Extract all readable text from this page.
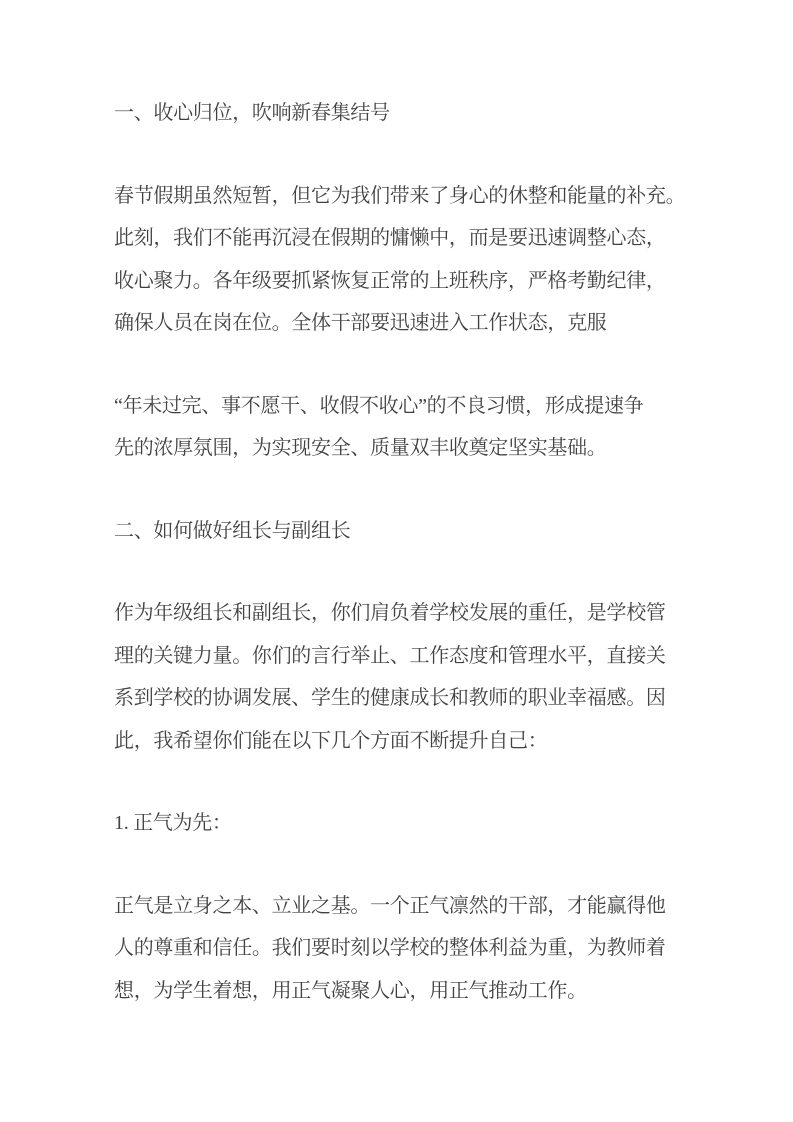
一、收心归位，吹响新春集结号
春节假期虽然短暂，但它为我们带来了身心的休整和能量的补充。
此刻，我们不能再沉浸在假期的慵懒中，而是要迅速调整心态，
收心聚力。各年级要抓紧恢复正常的上班秩序，严格考勤纪律，
确保人员在岗在位。全体干部要迅速进入工作状态，克服
“年未过完、事不愿干、收假不收心”的不良习惯，形成提速争
先的浓厚氛围，为实现安全、质量双丰收奠定坚实基础。
二、如何做好组长与副组长
作为年级组长和副组长，你们肩负着学校发展的重任，是学校管
理的关键力量。你们的言行举止、工作态度和管理水平，直接关
系到学校的协调发展、学生的健康成长和教师的职业幸福感。因
此，我希望你们能在以下几个方面不断提升自己：
1. 正气为先：
正气是立身之本、立业之基。一个正气凛然的干部，才能赢得他
人的尊重和信任。我们要时刻以学校的整体利益为重，为教师着
想，为学生着想，用正气凝聚人心，用正气推动工作。
